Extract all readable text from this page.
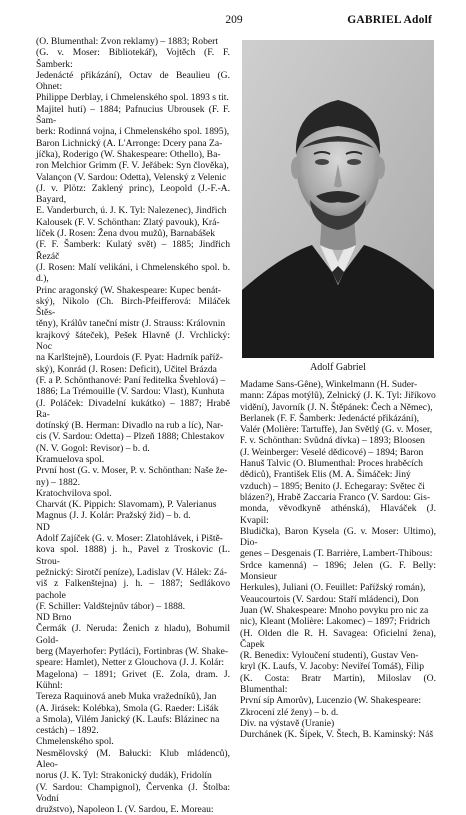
209	GABRIEL Adolf

(O. Blumenthal: Zvon reklamy) – 1883; Robert

(G. v. Moser: Bibliotekář), Vojtěch (F. F. Šamberk:

Jedenácté přikázání), Octav de Beaulieu (G. Ohnet:

Philippe Derblay, i Chmelenského spol. 1893 s tit.

Majitel hutí) – 1884; Pafnucius Ubrousek (F. F. Šam-

berk: Rodinná vojna, i Chmelenského spol. 1895),

Baron Lichnický (A. L'Arronge: Dcery pana Za-

jíčka), Roderigo (W. Shakespeare: Othello), Ba-

ron Melchior Grimm (F. V. Jeřábek: Syn člověka),

Valançon (V. Sardou: Odetta), Velenský z Velenic

(J. v. Plötz: Zaklený princ), Leopold (J.-F.-A. Bayard,

E. Vanderburch, ú. J. K. Tyl: Nalezenec), Jindřich

Kalousek (F. V. Schönthan: Zlatý pavouk), Krá-

líček (J. Rosen: Žena dvou mužů), Barnabášek

(F. F. Šamberk: Kulatý svět) – 1885; Jindřich Řezáč

(J. Rosen: Malí velikáni, i Chmelenského spol. b. d.),

Princ aragonský (W. Shakespeare: Kupec benát-

ský), Nikolo (Ch. Birch-Pfeifferová: Miláček Štěs-

těny), Králův taneční mistr (J. Strauss: Královnin

krajkový šáteček), Pešek Hlavně (J. Vrchlický: Noc

na Karlštejně), Lourdois (F. Pyat: Hadrník paříž-

ský), Konrád (J. Rosen: Deficit), Učitel Brázda

(F. a P. Schönthanové: Paní ředitelka Švehlová) –

1886; La Trémouille (V. Sardou: Vlast), Kunhuta

(J. Poláček: Divadelní kukátko) – 1887; Hrabě Ra-

dotínský (B. Herman: Divadlo na rub a líc), Nar-

cis (V. Sardou: Odetta) – Plzeň 1888; Chlestakov

(N. V. Gogol: Revisor) – b. d.

Kramuelova spol.

První host (G. v. Moser, P. v. Schönthan: Naše že-

ny) – 1882.

Kratochvilova spol.

Charvát (K. Pippich: Slavomam), P. Valerianus

Magnus (J. J. Kolár: Pražský žid) – b. d.

ND

Adolf Zajíček (G. v. Moser: Zlatohlávek, i Piště-

kova spol. 1888) j. h., Pavel z Troskovic (L. Strou-

pežnický: Sirotčí peníze), Ladislav (V. Hálek: Zá-

viš z Falkenštejna) j. h. – 1887; Sedlákovo pachole

(F. Schiller: Valdštejnův tábor) – 1888.

ND Brno

Čermák (J. Neruda: Ženich z hladu), Bohumil Gold-

berg (Mayerhofer: Pytláci), Fortinbras (W. Shake-

speare: Hamlet), Netter z Glouchova (J. J. Kolár:

Magelona) – 1891; Grivet (E. Zola, dram. J. Kühnl:

Tereza Raquinová aneb Muka vražedníků), Jan

(A. Jirásek: Kolébka), Smola (G. Raeder: Lišák

a Smola), Vilém Janický (K. Laufs: Blázinec na

cestách) – 1892.

Chmelenského spol.

Nesmělovský (M. Bałucki: Klub mládenců), Aleo-

norus (J. K. Tyl: Strakonický dudák), Fridolín

(V. Sardou: Champignol), Červenka (J. Štolba: Vodní

družstvo), Napoleon I. (V. Sardou, E. Moreau:

Adolf Gabriel

Madame Sans-Gêne), Winkelmann (H. Suder-

mann: Zápas motýlů), Zelnický (J. K. Tyl: Jiříkovo

vidění), Javorník (J. N. Štěpánek: Čech a Němec),

Berlanek (F. F. Šamberk: Jedenácté přikázání),

Valér (Molière: Tartuffe), Jan Světlý (G. v. Moser,

F. v. Schönthan: Svůdná dívka) – 1893; Bloosen

(J. Weinberger: Veselé dědicové) – 1894; Baron

Hanuš Talvic (O. Blumenthal: Proces hraběcích

dědiců), František Elis (M. A. Šimáček: Jiný

vzduch) – 1895; Benito (J. Echegaray: Světec či

blázen?), Hrabě Zaccaria Franco (V. Sardou: Gis-

monda, věvodkyně athénská), Hlaváček (J. Kvapil:

Bludička), Baron Kysela (G. v. Moser: Ultimo), Dio-

genes – Desgenais (T. Barrière, Lambert-Thibous:

Srdce kamenná) – 1896; Jelen (G. F. Belly: Monsieur

Herkules), Juliani (O. Feuillet: Pařížský román),

Veaucourtois (V. Sardou: Staří mládenci), Don

Juan (W. Shakespeare: Mnoho povyku pro nic za

nic), Kleant (Molière: Lakomec) – 1897; Fridrich

(H. Olden dle R. H. Savagea: Oficielní žena), Čapek

(R. Benedix: Vyloučení studenti), Gustav Ven-

kryl (K. Laufs, V. Jacoby: Neviřeí Tomáš), Filip

(K. Costa: Bratr Martin), Miloslav (O. Blumenthal:

První síp Amorův), Lucenzio (W. Shakespeare:

Zkrocení zlé ženy) – b. d.

Div. na výstavě (Uranie)

Durchánek (K. Šípek, V. Štech, B. Kaminský: Náš
